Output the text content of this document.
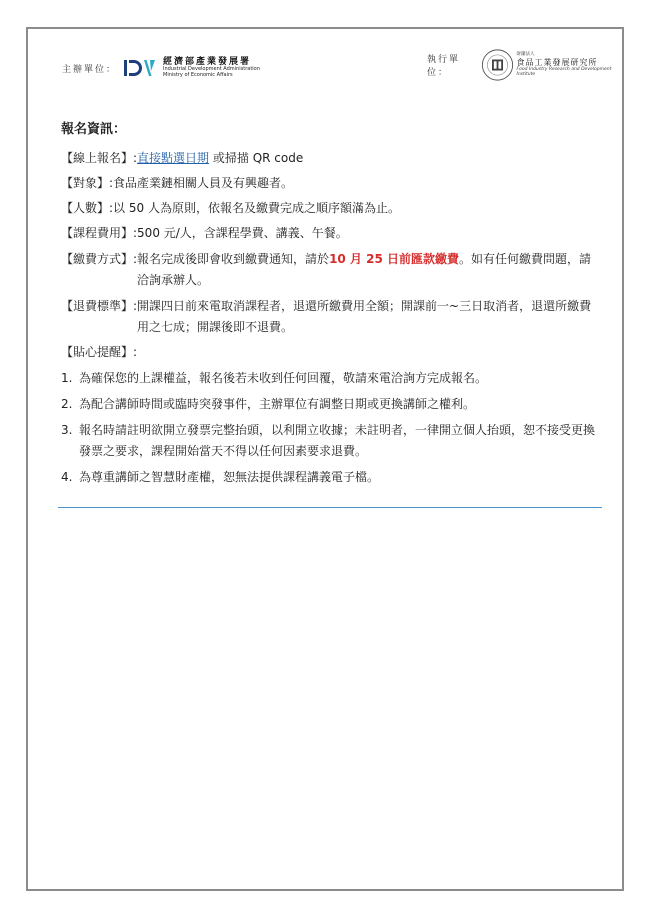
主辦單位：
經濟部產業發展署
Industrial Development Administration
Ministry of Economic Affairs
執行單位：
財團法人
食品工業發展研究所
Food Industry Research and Development Institute
報名資訊：
【線上報名】: 直接點選日期 或掃描 QR code
【對象】: 食品產業鏈相關人員及有興趣者。
【人數】: 以 50 人為原則，依報名及繳費完成之順序額滿為止。
【課程費用】: 500 元/人，含課程學費、講義、午餐。
【繳費方式】: 報名完成後即會收到繳費通知，請於10 月 25 日前匯款繳費。如有任何繳費問題，請洽詢承辦人。
【退費標準】: 開課四日前來電取消課程者，退還所繳費用全額；開課前一~三日取消者，退還所繳費用之七成；開課後即不退費。
【貼心提醒】:
1. 為確保您的上課權益，報名後若未收到任何回覆，敬請來電洽詢方完成報名。
2. 為配合講師時間或臨時突發事件，主辦單位有調整日期或更換講師之權利。
3. 報名時請註明欲開立發票完整抬頭，以利開立收據；未註明者，一律開立個人抬頭，恕不接受更換發票之要求，課程開始當天不得以任何因素要求退費。
4. 為尊重講師之智慧財產權，恕無法提供課程講義電子檔。
